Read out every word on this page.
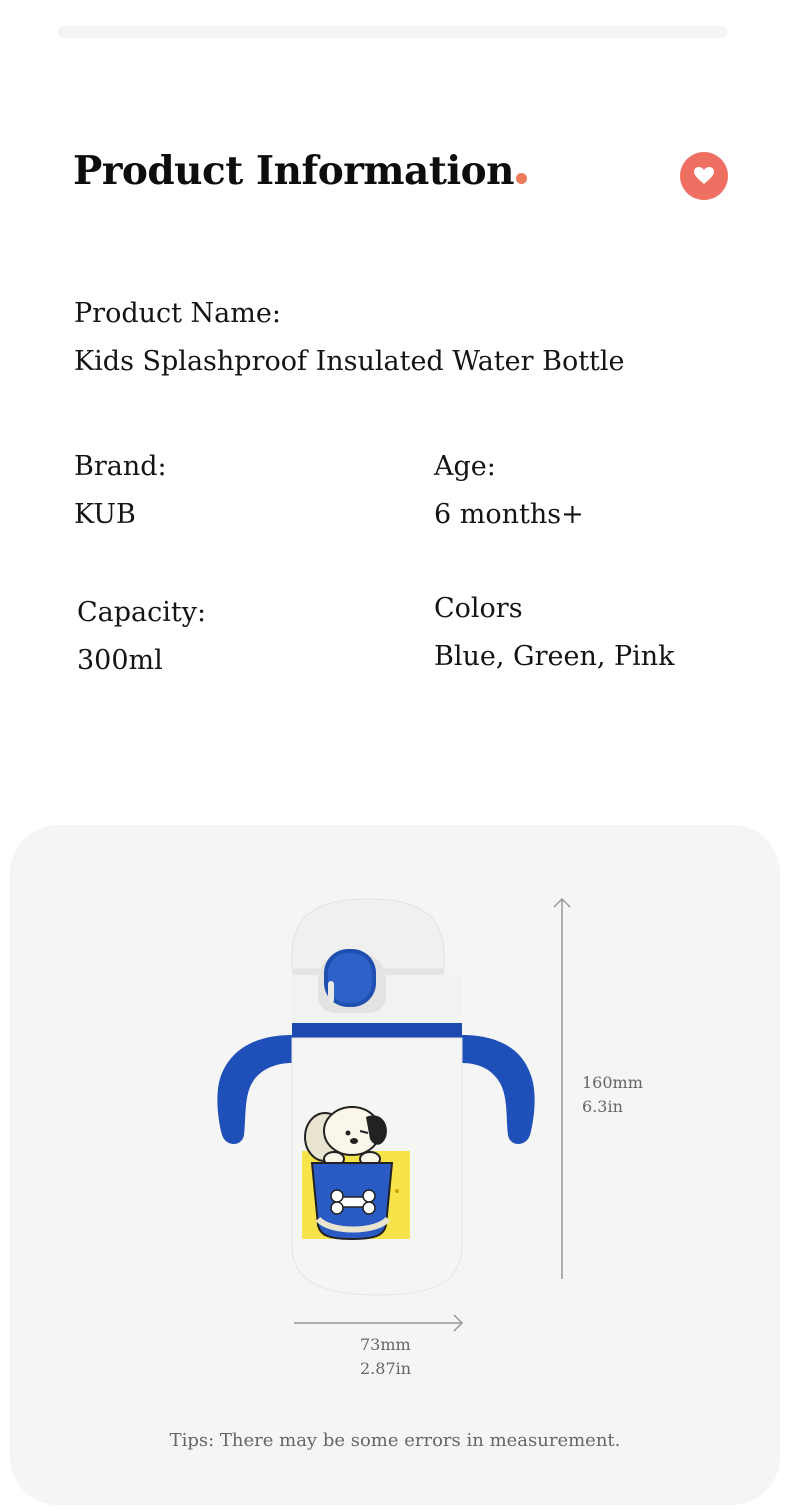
Product Information
Product Name:
Kids Splashproof Insulated Water Bottle
Brand:
KUB
Age:
6 months+
Capacity:
300ml
Colors
Blue, Green, Pink
160mm
6.3in
73mm
2.87in
Tips: There may be some errors in measurement.
